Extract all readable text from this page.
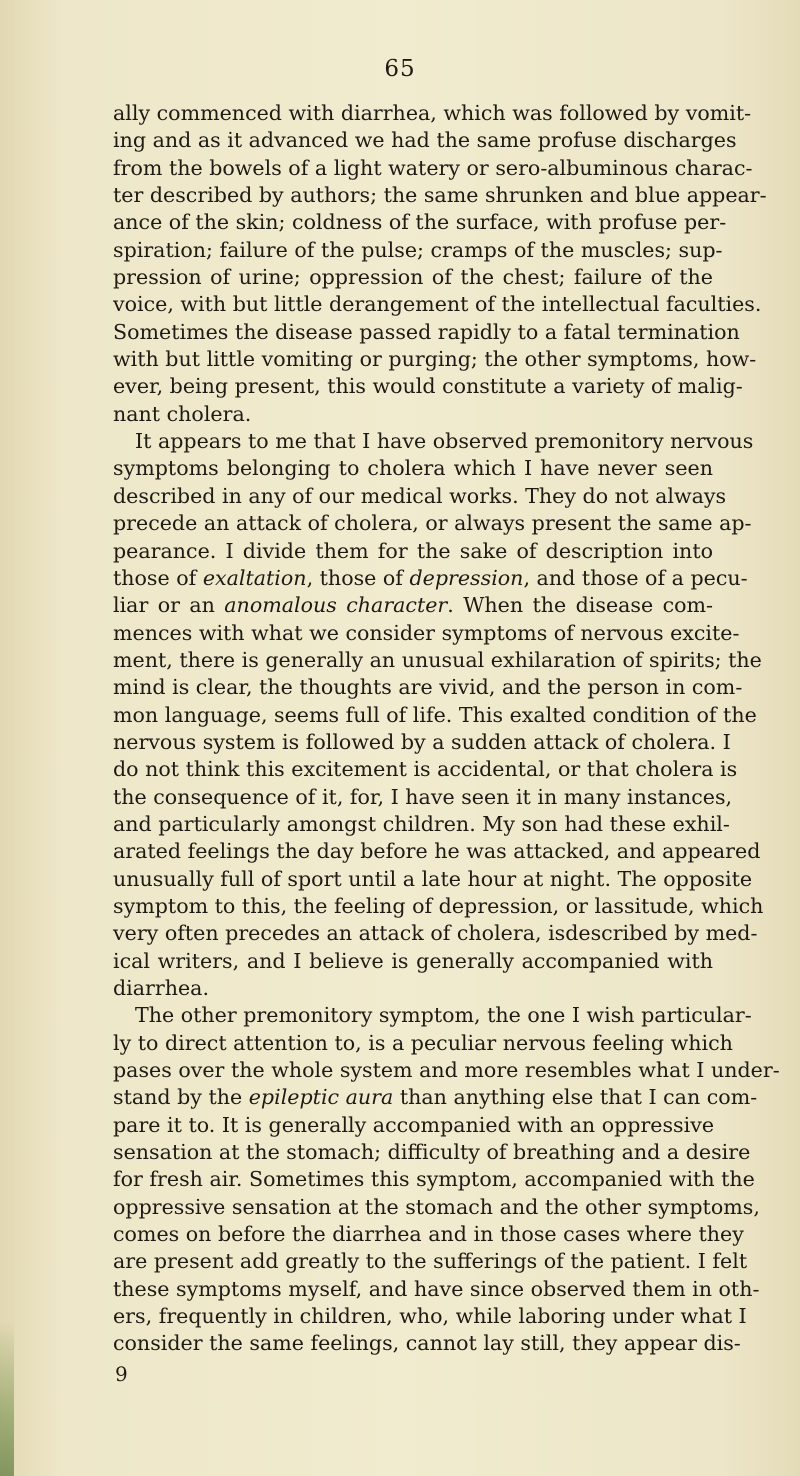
65
ally commenced with diarrhea, which was followed by vomit-
ing and as it advanced we had the same profuse discharges
from the bowels of a light watery or sero-albuminous charac-
ter described by authors; the same shrunken and blue appear-
ance of the skin; coldness of the surface, with profuse per-
spiration; failure of the pulse; cramps of the muscles; sup-
pression of urine; oppression of the chest; failure of the
voice, with but little derangement of the intellectual faculties.
Sometimes the disease passed rapidly to a fatal termination
with but little vomiting or purging; the other symptoms, how-
ever, being present, this would constitute a variety of malig-
nant cholera.
It appears to me that I have observed premonitory nervous
symptoms belonging to cholera which I have never seen
described in any of our medical works. They do not always
precede an attack of cholera, or always present the same ap-
pearance. I divide them for the sake of description into
those of exaltation, those of depression, and those of a pecu-
liar or an anomalous character. When the disease com-
mences with what we consider symptoms of nervous excite-
ment, there is generally an unusual exhilaration of spirits; the
mind is clear, the thoughts are vivid, and the person in com-
mon language, seems full of life. This exalted condition of the
nervous system is followed by a sudden attack of cholera. I
do not think this excitement is accidental, or that cholera is
the consequence of it, for, I have seen it in many instances,
and particularly amongst children. My son had these exhil-
arated feelings the day before he was attacked, and appeared
unusually full of sport until a late hour at night. The opposite
symptom to this, the feeling of depression, or lassitude, which
very often precedes an attack of cholera, isdescribed by med-
ical writers, and I believe is generally accompanied with
diarrhea.
The other premonitory symptom, the one I wish particular-
ly to direct attention to, is a peculiar nervous feeling which
pases over the whole system and more resembles what I under-
stand by the epileptic aura than anything else that I can com-
pare it to. It is generally accompanied with an oppressive
sensation at the stomach; difficulty of breathing and a desire
for fresh air. Sometimes this symptom, accompanied with the
oppressive sensation at the stomach and the other symptoms,
comes on before the diarrhea and in those cases where they
are present add greatly to the sufferings of the patient. I felt
these symptoms myself, and have since observed them in oth-
ers, frequently in children, who, while laboring under what I
consider the same feelings, cannot lay still, they appear dis-
9
